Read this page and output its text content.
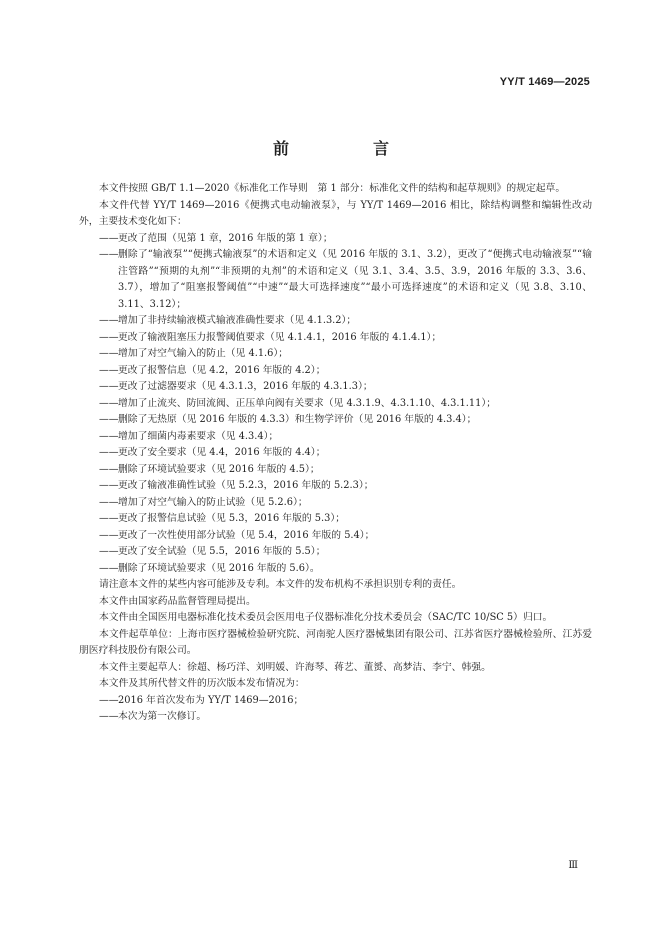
YY/T 1469—2025
前　言

本文件按照 GB/T 1.1—2020《标准化工作导则　第 1 部分：标准化文件的结构和起草规则》的规定起草。

本文件代替 YY/T 1469—2016《便携式电动输液泵》，与 YY/T 1469—2016 相比，除结构调整和编辑性改动外，主要技术变化如下：

—— 更改了范围（见第 1 章，2016 年版的第 1 章）；

—— 删除了“输液泵”“便携式输液泵”的术语和定义（见 2016 年版的 3.1、3.2），更改了“便携式电动输液泵”“输注管路”“预期的丸剂”“非预期的丸剂”的术语和定义（见 3.1、3.4、3.5、3.9，2016 年版的 3.3、3.6、3.7），增加了“阻塞报警阈值”“中速”“最大可选择速度”“最小可选择速度”的术语和定义（见 3.8、3.10、3.11、3.12）；

—— 增加了非持续输液模式输液准确性要求（见 4.1.3.2）；

—— 更改了输液阻塞压力报警阈值要求（见 4.1.4.1，2016 年版的 4.1.4.1）；

—— 增加了对空气输入的防止（见 4.1.6）；

—— 更改了报警信息（见 4.2，2016 年版的 4.2）；

—— 更改了过滤器要求（见 4.3.1.3，2016 年版的 4.3.1.3）；

—— 增加了止流夹、防回流阀、正压单向阀有关要求（见 4.3.1.9、4.3.1.10、4.3.1.11）；

—— 删除了无热原（见 2016 年版的 4.3.3）和生物学评价（见 2016 年版的 4.3.4）；

—— 增加了细菌内毒素要求（见 4.3.4）；

—— 更改了安全要求（见 4.4，2016 年版的 4.4）；

—— 删除了环境试验要求（见 2016 年版的 4.5）；

—— 更改了输液准确性试验（见 5.2.3，2016 年版的 5.2.3）；

—— 增加了对空气输入的防止试验（见 5.2.6）；

—— 更改了报警信息试验（见 5.3，2016 年版的 5.3）；

—— 更改了一次性使用部分试验（见 5.4，2016 年版的 5.4）；

—— 更改了安全试验（见 5.5，2016 年版的 5.5）；

—— 删除了环境试验要求（见 2016 年版的 5.6）。

请注意本文件的某些内容可能涉及专利。本文件的发布机构不承担识别专利的责任。

本文件由国家药品监督管理局提出。

本文件由全国医用电器标准化技术委员会医用电子仪器标准化分技术委员会（SAC/TC 10/SC 5）归口。

本文件起草单位：上海市医疗器械检验研究院、河南驼人医疗器械集团有限公司、江苏省医疗器械检验所、江苏爱朋医疗科技股份有限公司。

本文件主要起草人：徐超、杨巧洋、刘明媛、许海琴、蒋艺、董赟、高梦洁、李宁、韩强。

本文件及其所代替文件的历次版本发布情况为：

—— 2016 年首次发布为 YY/T 1469—2016；

—— 本次为第一次修订。

Ⅲ
